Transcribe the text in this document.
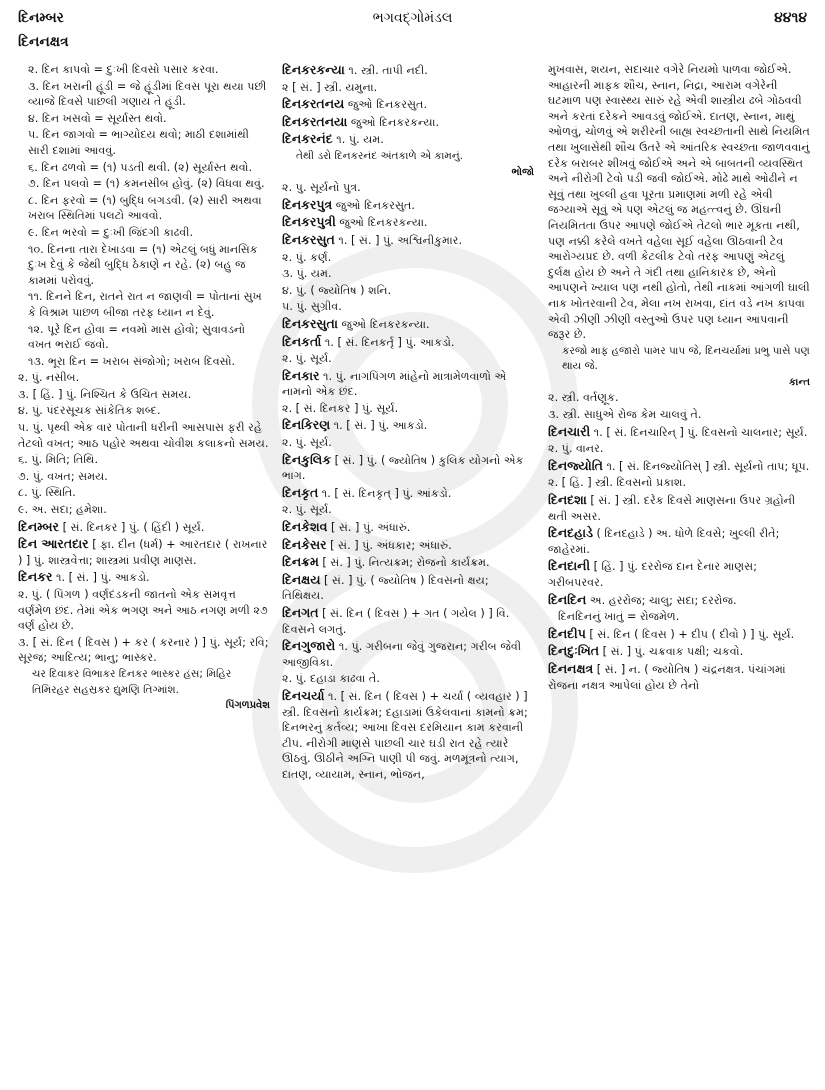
દિનમ્બર	ભગવદ્ગોમંડલ	૪૪૧૪
દિનનક્ષત્ર
૨. દિન કાપવો = દુઃખી દિવસો પસાર કરવા.
૩. દિન ખરાની હૂંડી = જે હૂંડીમાં દિવસ પૂરા થયા પછી વ્યાજે દિવસે પાછલી ગણાય તે હૂંડી.
૪. દિન ખસવો = સૂર્યાસ્ત થવો.
૫. દિન જાગવો = ભાગ્યોદય થવો; માઠી દશામાંથી સારી દશામાં આવવું.
૬. દિન ઢળવો = (૧) પડતી થવી. (૨) સૂર્યાસ્ત થવો.
૭. દિન પલવો = (૧) કમનસીબ હોવું. (૨) વિધવા થવું.
૮. દિન ફરવો = (૧) બુદ્ધિ બગડવી. (૨) સારી અથવા ખરાબ સ્થિતિમાં પલટો આવવો.
૯. દિન ભરવો = દુઃખી જિંદગી કાઢવી.
૧૦. દિનના તારા દેખાડવા = (૧) એટલું બધું માનસિક દુઃખ દેવું કે જેથી બુદ્ધિ ઠેકાણે ન રહે. (૨) બહુ જ કામમાં પરોવવું.
૧૧. દિનને દિન, રાતને રાત ન જાણવી = પોતાનાં સુખ કે વિશ્રામ પાછળ બીજા તરફ ધ્યાન ન દેવું.
૧૨. પૂરે દિન હોવા = નવમો માસ હોવો; સુવાવડનો વખત ભરાઈ જવો.
૧૩. ભૂરા દિન = ખરાબ સંજોગો; ખરાબ દિવસો.
૨. પું. નસીબ.
૩. [ હિં. ] પું. નિશ્ચિત કે ઉચિત સમય.
૪. પું. પંદરસૂચક સાંકેતિક શબ્દ.
૫. પું. પૃથ્વી એક વાર પોતાની ધરીની આસપાસ ફરી રહે તેટલો વખત; આઠ પહોર અથવા ચોવીશ કલાકનો સમય.
૬. પું. મિતિ; તિથિ.
૭. પું. વખત; સમય.
૮. પું. સ્થિતિ.
૯. અ. સદા; હમેશા.
દિનમ્બર [ સં. દિનકર ] પું. ( હિંદી ) સૂર્ય.
દિન આરતદાર [ ફા. દીન (ધર્મ) + આરતદાર ( રાખનાર ) ] પું. શાસ્ત્રવેત્તા; શાસ્ત્રમાં પ્રવીણ માણસ.
દિનકર ૧. [ સં. ] પું. આકડો.
૨. પું. ( પિંગળ ) વર્ણદંડકની જાતનો એક સમવૃત્ત વર્ણમેળ છંદ. તેમાં એક ભગણ અને આઠ નગણ મળી ૨૭ વર્ણ હોય છે.
૩. [ સં. દિન ( દિવસ ) + કર ( કરનાર ) ] પું. સૂર્ય; રવિ; સૂરજ; આદિત્ય; ભાનુ; ભાસ્કર.
ચર દિવાકર વિભાકર દિનકર ભાસ્કર હંસ; મિહિર તિમિરહર સહસ્રકર દ્યુમણિ તિગ્માંશ.
પિંગળપ્રવેશ
દિનકરકન્યા ૧. સ્ત્રી. તાપી નદી.
૨ [ સં. ] સ્ત્રી. યમુના.
દિનકરતનય જુઓ દિનકરસુત.
દિનકરતનયા જુઓ દિનકરકન્યા.
દિનકરનંદ ૧. પું. યમ.
તેથી ડરો દિનકરનંદ અંતકાળે એ કામનું.
ભોજો
૨. પુ. સૂર્યનો પુત્ર.
દિનકરપુત્ર જુઓ દિનકરસુત.
દિનકરપુત્રી જુઓ દિનકરકન્યા.
દિનકરસુત ૧. [ સં. ] પું. અશ્વિનીકુમાર.
૨. પું. કર્ણ.
૩. પું. યમ.
૪. પું. ( જ્યોતિષ ) શનિ.
૫. પું. સુગ્રીવ.
દિનકરસુતા જુઓ દિનકરકન્યા.
દિનકર્તા ૧. [ સં. દિનકર્તૃ ] પું. આકડો.
૨. પું. સૂર્ય.
દિનકાર ૧. પું. નાગપિંગળ માંહેનો માત્રામેળવાળો એ નામનો એક છંદ.
૨. [ સં. દિનકર ] પું. સૂર્ય.
દિનકિરણ ૧. [ સં. ] પું. આકડો.
૨. પું. સૂર્ય.
દિનકુલિક [ સં. ] પું. ( જ્યોતિષ ) કુલિક યોગનો એક ભાગ.
દિનકૃત ૧. [ સં. દિનકૃત્ ] પું. આંકડો.
૨. પું. સૂર્ય.
દિનકેશવ [ સં. ] પું. અંધારું.
દિનકેસર [ સં. ] પું. અંધકાર; અંધારું.
દિનક્રમ [ સં. ] પું. નિત્યક્રમ; રોજનો કાર્યક્રમ.
દિનક્ષય [ સં. ] પું. ( જ્યોતિષ ) દિવસનો ક્ષય; તિથિક્ષય.
દિનગત [ સં. દિન ( દિવસ ) + ગત ( ગયેલ ) ] વિ. દિવસને લગતું.
દિનગુજારો ૧. પું. ગરીબના જેવું ગુજરાન; ગરીબ જેવી આજીવિકા.
૨. પું. દહાડા કાઢવા તે.
દિનચર્યા ૧. [ સં. દિન ( દિવસ ) + ચર્યા ( વ્યવહાર ) ] સ્ત્રી. દિવસનો કાર્યક્રમ; દહાડામાં ઉકેલવાનાં કામનો ક્રમ; દિનભરનું કર્તવ્ય; આખા દિવસ દરમિયાન કામ કરવાની ટીપ. નીરોગી માણસે પાછલી ચાર ઘડી રાત રહે ત્યારે ઊઠવું. ઊઠીને અગ્નિ પાણી પી જવું. મળમૂત્રનો ત્યાગ, દાતણ, વ્યાયામ, સ્નાન, ભોજન,
મુખવાસ, શયન, સદાચાર વગેરે નિયમો પાળવા જોઈએ. આહારની માફક શૌચ, સ્નાન, નિદ્રા, આરામ વગેરેની ઘટમાળ પણ સ્વાસ્થ્ય સારું રહે એવી શાસ્ત્રીય ઢબે ગોઠવવી અને કરતાં દરેકને આવડવું જોઈએ. દાતણ, સ્નાન, માથું ઓળવું, ચોળવું એ શરીરની બાહ્ય સ્વચ્છતાની સાથે નિયમિત તથા ખુલાસેથી શૌચ ઉતરે એ આંતરિક સ્વચ્છતા જાળવવાનું દરેક બરાબર શીખવું જોઈએ અને એ બાબતની વ્યવસ્થિત અને નીરોગી ટેવો પડી જવી જોઈએ. મોઢે માથે ઓઢીને ન સૂવું તથા ખુલ્લી હવા પૂરતા પ્રમાણમાં મળી રહે એવી જગ્યાએ સૂવું એ પણ એટલું જ મહત્ત્વનું છે. ઊંઘની નિયમિતતા ઉપર આપણે જોઈએ તેટલો ભાર મૂકતા નથી, પણ નક્કી કરેલે વખતે વહેલા સૂઈ વહેલા ઊઠવાની ટેવ આરોગ્યપ્રદ છે. વળી કેટલીક ટેવો તરફ આપણું એટલું દુર્લક્ષ હોય છે અને તે ગંદી તથા હાનિકારક છે, એનો આપણને ખ્યાલ પણ નથી હોતો, તેથી નાકમાં આંગળી ઘાલી નાક ખોતરવાની ટેવ, મેલા નખ રાખવા, દાંત વડે નખ કાપવા એવી ઝીણી ઝીણી વસ્તુઓ ઉપર પણ ધ્યાન આપવાની જરૂર છે.
કરજો માફ હજારો પામર પાપ જે, દિનચર્યામાં પ્રભુ પાસે પણ થાય જે.
કાન્ત
૨. સ્ત્રી. વર્તણૂક.
૩. સ્ત્રી. સાધુએ રોજ કેમ ચાલવું તે.
દિનચારી ૧. [ સં. દિનચારિન્ ] પું. દિવસનો ચાલનાર; સૂર્ય.
૨. પું. વાનર.
દિનજ્યોતિ ૧. [ સં. દિનજ્યોતિસ્ ] સ્ત્રી. સૂર્યનો તાપ; ધૂપ.
૨. [ હિં. ] સ્ત્રી. દિવસનો પ્રકાશ.
દિનદશા [ સં. ] સ્ત્રી. દરેક દિવસે માણસના ઉપર ગ્રહોની થતી અસર.
દિનદહાડે ( દિનદહાડે ) અ. ધોળે દિવસે; ખુલ્લી રીતે; જાહેરમાં.
દિનદાની [ હિં. ] પું. દરરોજ દાન દેનાર માણસ; ગરીબપરવર.
દિનદિન અ. હરરોજ; ચાલુ; સદા; દરરોજ.
દિનદિનનું ખાતું = રોજમેળ.
દિનદીપ [ સં. દિન ( દિવસ ) + દીપ ( દીવો ) ] પું. સૂર્ય.
દિનદુઃખિત [ સં. ] પું. ચક્રવાક પક્ષી; ચકવો.
દિનનક્ષત્ર [ સં. ] ન. ( જ્યોતિષ ) ચંદ્રનક્ષત્ર. પંચાંગમાં રોજના નક્ષત્ર આપેલાં હોય છે તેનો
